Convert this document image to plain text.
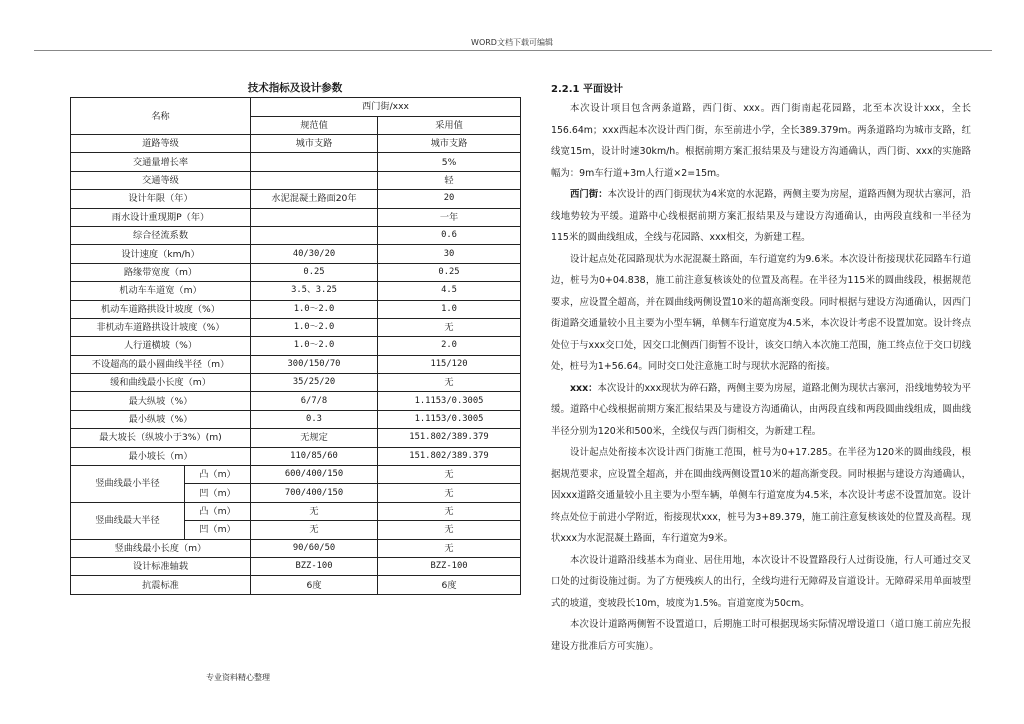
WORD文档下载可编辑
技术指标及设计参数
名称		西门街/xxx	
		规范值	采用值
道路等级		城市支路	城市支路
交通量增长率			5%
交通等级			轻
设计年限（年）		水泥混凝土路面20年	20
雨水设计重现期P（年）			一年
综合径流系数			0.6
设计速度（km/h）		40/30/20	30
路缘带宽度（m）		0.25	0.25
机动车车道宽（m）		3.5、3.25	4.5
机动车道路拱设计坡度（%）		1.0～2.0	1.0
非机动车道路拱设计坡度（%）		1.0～2.0	无
人行道横坡（%）		1.0～2.0	2.0
不设超高的最小圆曲线半径（m）		300/150/70	115/120
缓和曲线最小长度（m）		35/25/20	无
最大纵坡（%）		6/7/8	1.1153/0.3005
最小纵坡（%）		0.3	1.1153/0.3005
最大坡长（纵坡小于3%）(m)		无规定	151.802/389.379
最小坡长（m）		110/85/60	151.802/389.379
竖曲线最小半径	凸（m）	600/400/150	无
	凹（m）	700/400/150	无
竖曲线最大半径	凸（m）	无	无
	凹（m）	无	无
竖曲线最小长度（m）		90/60/50	无
设计标准轴载		BZZ-100	BZZ-100
抗震标准		6度	6度
2.2.1 平面设计

本次设计项目包含两条道路，西门街、xxx。西门街南起花园路，北至本次设计xxx，全长156.64m；xxx西起本次设计西门街，东至前进小学，全长389.379m。两条道路均为城市支路，红线宽15m，设计时速30km/h。根据前期方案汇报结果及与建设方沟通确认，西门街、xxx的实施路幅为：9m车行道+3m人行道×2=15m。

西门街：本次设计的西门街现状为4米宽的水泥路，两侧主要为房屋，道路西侧为现状古寨河，沿线地势较为平缓。道路中心线根据前期方案汇报结果及与建设方沟通确认，由两段直线和一半径为115米的圆曲线组成，全线与花园路、xxx相交，为新建工程。

设计起点处花园路现状为水泥混凝土路面，车行道宽约为9.6米。本次设计衔接现状花园路车行道边，桩号为0+04.838，施工前注意复核该处的位置及高程。在半径为115米的圆曲线段，根据规范要求，应设置全超高，并在圆曲线两侧设置10米的超高渐变段。同时根据与建设方沟通确认，因西门街道路交通量较小且主要为小型车辆，单侧车行道宽度为4.5米，本次设计考虑不设置加宽。设计终点处位于与xxx交口处，因交口北侧西门街暂不设计，该交口纳入本次施工范围，施工终点位于交口切线处，桩号为1+56.64。同时交口处注意施工时与现状水泥路的衔接。

xxx：本次设计的xxx现状为碎石路，两侧主要为房屋，道路北侧为现状古寨河，沿线地势较为平缓。道路中心线根据前期方案汇报结果及与建设方沟通确认，由两段直线和两段圆曲线组成，圆曲线半径分别为120米和500米，全线仅与西门街相交，为新建工程。

设计起点处衔接本次设计西门街施工范围，桩号为0+17.285。在半径为120米的圆曲线段，根据规范要求，应设置全超高，并在圆曲线两侧设置10米的超高渐变段。同时根据与建设方沟通确认，因xxx道路交通量较小且主要为小型车辆，单侧车行道宽度为4.5米，本次设计考虑不设置加宽。设计终点处位于前进小学附近，衔接现状xxx，桩号为3+89.379，施工前注意复核该处的位置及高程。现状xxx为水泥混凝土路面，车行道宽为9米。

本次设计道路沿线基本为商业、居住用地，本次设计不设置路段行人过街设施，行人可通过交叉口处的过街设施过街。为了方便残疾人的出行，全线均进行无障碍及盲道设计。无障碍采用单面坡型式的坡道，变坡段长10m，坡度为1.5%。盲道宽度为50cm。

本次设计道路两侧暂不设置道口，后期施工时可根据现场实际情况增设道口（道口施工前应先报建设方批准后方可实施）。

专业资料精心整理
